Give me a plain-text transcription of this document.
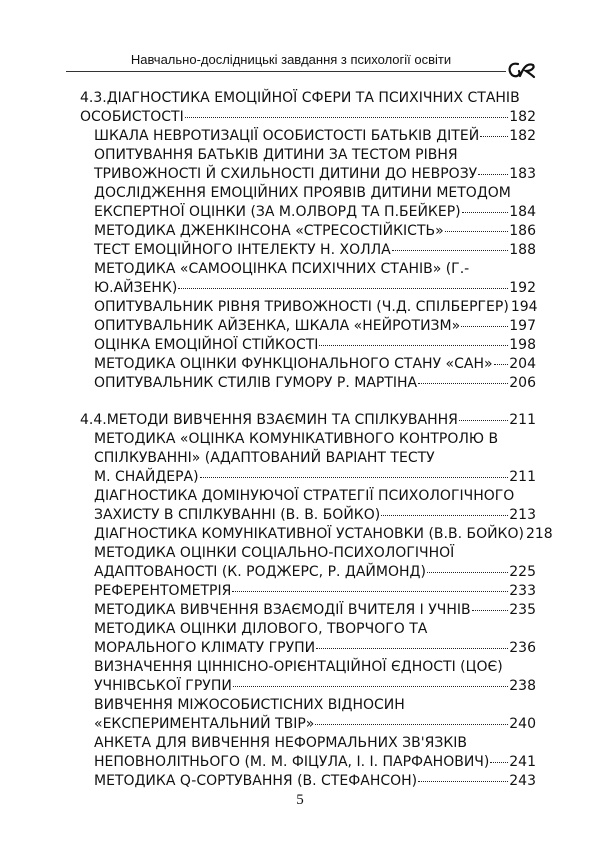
Навчально-дослідницькі завдання з психології освіти
4.3.ДІАГНОСТИКА ЕМОЦІЙНОЇ СФЕРИ ТА ПСИХІЧНИХ СТАНІВ
ОСОБИСТОСТІ	182
ШКАЛА НЕВРОТИЗАЦІЇ ОСОБИСТОСТІ БАТЬКІВ ДІТЕЙ 182
ОПИТУВАННЯ БАТЬКІВ ДИТИНИ ЗА ТЕСТОМ РІВНЯ
ТРИВОЖНОСТІ Й СХИЛЬНОСТІ ДИТИНИ ДО НЕВРОЗУ 183
ДОСЛІДЖЕННЯ ЕМОЦІЙНИХ ПРОЯВІВ ДИТИНИ МЕТОДОМ
ЕКСПЕРТНОЇ ОЦІНКИ (ЗА М.ОЛВОРД ТА П.БЕЙКЕР)	184
МЕТОДИКА ДЖЕНКІНСОНА «СТРЕСОСТІЙКІСТЬ»	186
ТЕСТ ЕМОЦІЙНОГО ІНТЕЛЕКТУ Н. ХОЛЛА	188
МЕТОДИКА «САМООЦІНКА ПСИХІЧНИХ СТАНІВ» (Г.-
Ю.АЙЗЕНК)	192
ОПИТУВАЛЬНИК РІВНЯ ТРИВОЖНОСТІ (Ч.Д. СПІЛБЕРГЕР) 194
ОПИТУВАЛЬНИК АЙЗЕНКА, ШКАЛА «НЕЙРОТИЗМ»	197
ОЦІНКА ЕМОЦІЙНОЇ СТІЙКОСТІ	198
МЕТОДИКА ОЦІНКИ ФУНКЦІОНАЛЬНОГО СТАНУ «САН» 204
ОПИТУВАЛЬНИК СТИЛІВ ГУМОРУ Р. МАРТІНА	206
4.4.МЕТОДИ ВИВЧЕННЯ ВЗАЄМИН ТА СПІЛКУВАННЯ	211
МЕТОДИКА «ОЦІНКА КОМУНІКАТИВНОГО КОНТРОЛЮ В
СПІЛКУВАННІ» (АДАПТОВАНИЙ ВАРІАНТ ТЕСТУ
М. СНАЙДЕРА)	211
ДІАГНОСТИКА ДОМІНУЮЧОЇ СТРАТЕГІЇ ПСИХОЛОГІЧНОГО
ЗАХИСТУ В СПІЛКУВАННІ (В. В. БОЙКО)	213
ДІАГНОСТИКА КОМУНІКАТИВНОЇ УСТАНОВКИ (В.В. БОЙКО) 218
МЕТОДИКА ОЦІНКИ СОЦІАЛЬНО-ПСИХОЛОГІЧНОЇ
АДАПТОВАНОСТІ (К. РОДЖЕРС, Р. ДАЙМОНД)	225
РЕФЕРЕНТОМЕТРІЯ	233
МЕТОДИКА ВИВЧЕННЯ ВЗАЄМОДІЇ ВЧИТЕЛЯ І УЧНІВ	235
МЕТОДИКА ОЦІНКИ ДІЛОВОГО, ТВОРЧОГО ТА
МОРАЛЬНОГО КЛІМАТУ ГРУПИ	236
ВИЗНАЧЕННЯ ЦІННІСНО-ОРІЄНТАЦІЙНОЇ ЄДНОСТІ (ЦОЄ)
УЧНІВСЬКОЇ ГРУПИ	238
ВИВЧЕННЯ МІЖОСОБИСТІСНИХ ВІДНОСИН
«ЕКСПЕРИМЕНТАЛЬНИЙ ТВІР»	240
АНКЕТА ДЛЯ ВИВЧЕННЯ НЕФОРМАЛЬНИХ ЗВ'ЯЗКІВ
НЕПОВНОЛІТНЬОГО (М. М. ФІЦУЛА, І. І. ПАРФАНОВИЧ) 241
МЕТОДИКА Q-СОРТУВАННЯ (В. СТЕФАНСОН)	243
5
